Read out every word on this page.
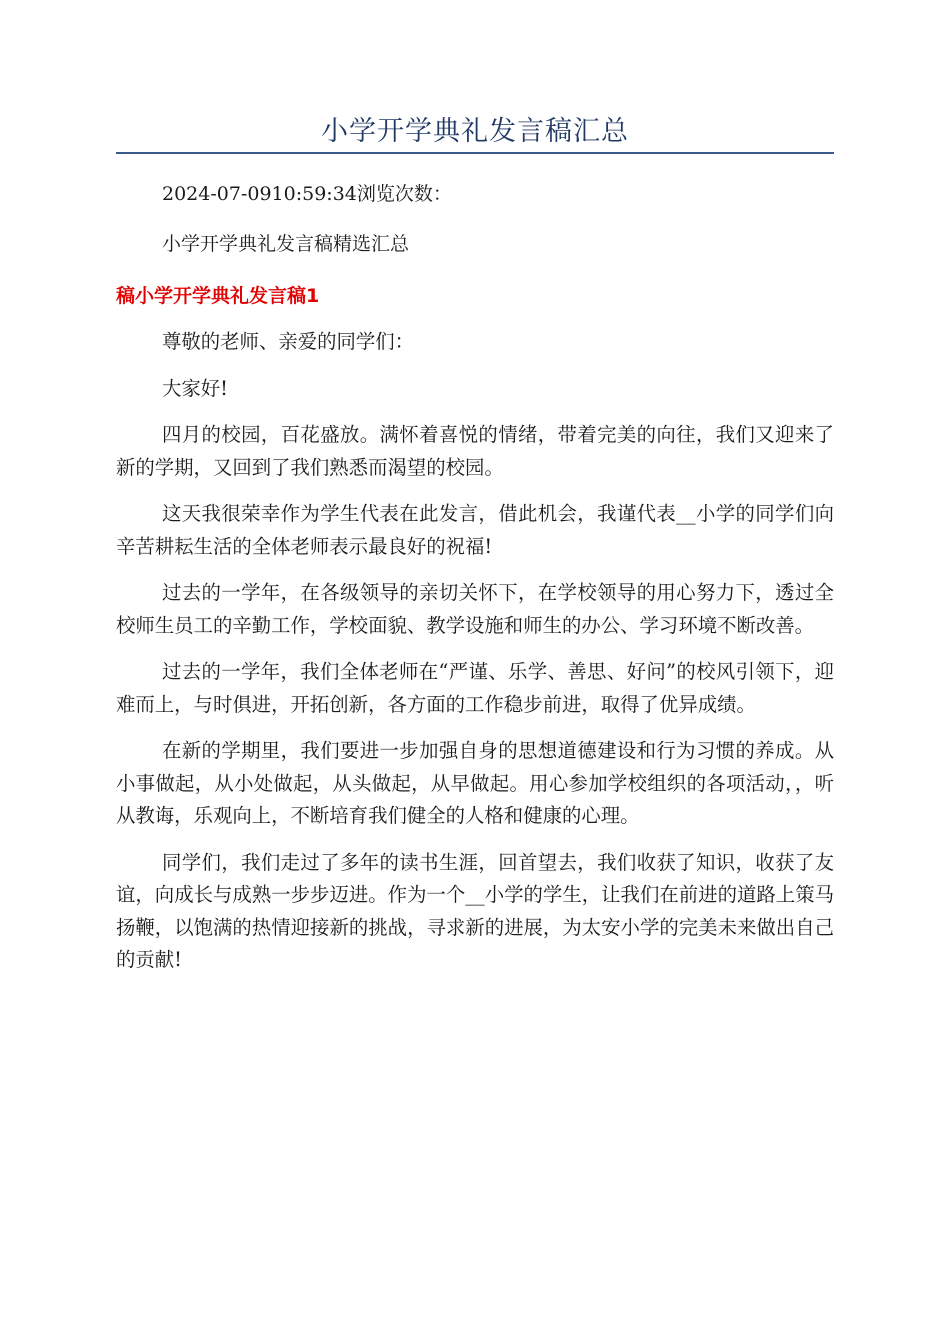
小学开学典礼发言稿汇总

2024-07-0910:59:34浏览次数：

小学开学典礼发言稿精选汇总

稿小学开学典礼发言稿1

尊敬的老师、亲爱的同学们：

大家好!

四月的校园，百花盛放。满怀着喜悦的情绪，带着完美的向往，我们又迎来了新的学期，又回到了我们熟悉而渴望的校园。

这天我很荣幸作为学生代表在此发言，借此机会，我谨代表__小学的同学们向辛苦耕耘生活的全体老师表示最良好的祝福!

过去的一学年，在各级领导的亲切关怀下，在学校领导的用心努力下，透过全校师生员工的辛勤工作，学校面貌、教学设施和师生的办公、学习环境不断改善。

过去的一学年，我们全体老师在“严谨、乐学、善思、好问”的校风引领下，迎难而上，与时俱进，开拓创新，各方面的工作稳步前进，取得了优异成绩。

在新的学期里，我们要进一步加强自身的思想道德建设和行为习惯的养成。从小事做起，从小处做起，从头做起，从早做起。用心参加学校组织的各项活动，，听从教诲，乐观向上，不断培育我们健全的人格和健康的心理。

同学们，我们走过了多年的读书生涯，回首望去，我们收获了知识，收获了友谊，向成长与成熟一步步迈进。作为一个__小学的学生，让我们在前进的道路上策马扬鞭，以饱满的热情迎接新的挑战，寻求新的进展，为太安小学的完美未来做出自己的贡献!
